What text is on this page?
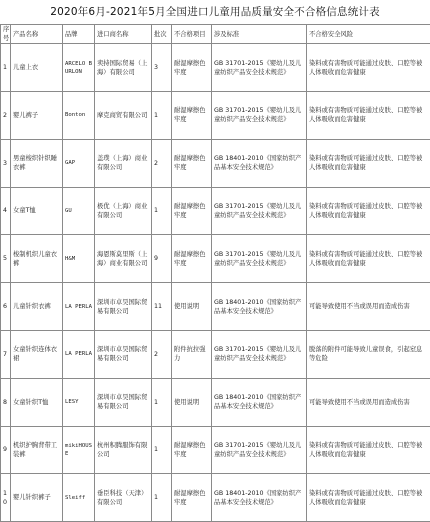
2020年6月-2021年5月全国进口儿童用品质量安全不合格信息统计表
序号	产品名称	品牌	进口商名称	批次	不合格项目	涉及标准	不合格安全风险
1	儿童上衣	ARCELO BURLON	卖持国际贸易（上海）有限公司	3	耐湿摩擦色牢度	GB 31701-2015《婴幼儿及儿童纺织产品安全技术规范》	染料或有害物质可能通过皮肤、口腔等被人体吸收而危害健康
2	婴儿裤子	Bonton	摩克商贸有限公司	1	耐湿摩擦色牢度	GB 31701-2015《婴幼儿及儿童纺织产品安全技术规范》	染料或有害物质可能通过皮肤、口腔等被人体吸收而危害健康
3	男童梭织针织睡衣裤	GAP	盖璞（上海）商业有限公司	2	耐湿摩擦色牢度	GB 18401-2010《国家纺织产品基本安全技术规范》	染料或有害物质可能通过皮肤、口腔等被人体吸收而危害健康
4	女童T恤	GU	极优（上海）商业有限公司	1	耐湿摩擦色牢度	GB 31701-2015《婴幼儿及儿童纺织产品安全技术规范》	染料或有害物质可能通过皮肤、口腔等被人体吸收而危害健康
5	梭制机织儿童衣裤	H&M	海恩斯莫里斯（上海）商业有限公司	9	耐湿摩擦色牢度	GB 31701-2015《婴幼儿及儿童纺织产品安全技术规范》	染料或有害物质可能通过皮肤、口腔等被人体吸收而危害健康
6	儿童针织衣裤	LA PERLA	深圳市卓昊国际贸易有限公司	11	使用说明	GB 18401-2010《国家纺织产品基本安全技术规范》	可能导致使用不当或误用而造成伤害
7	女童针织连体衣裙	LA PERLA	深圳市卓昊国际贸易有限公司	2	附件抗拉强力	GB 31701-2015《婴幼儿及儿童纺织产品安全技术规范》	脱落的附件可能导致儿童误食，引起窒息等危险
8	女童针织T恤	LESY	深圳市卓昊国际贸易有限公司	1	使用说明	GB 18401-2010《国家纺织产品基本安全技术规范》	可能导致使用不当或误用而造成伤害
9	机织护胸背带工装裤	mikiHOUSE	杭州积腾服饰有限公司	1	耐湿摩擦色牢度	GB 31701-2015《婴幼儿及儿童纺织产品安全技术规范》	染料或有害物质可能通过皮肤、口腔等被人体吸收而危害健康
10	婴儿针织裤子	Sleiff	垂臣科技（天津）有限公司	1	耐湿摩擦色牢度	GB 18401-2010《国家纺织产品基本安全技术规范》	染料或有害物质可能通过皮肤、口腔等被人体吸收而危害健康
